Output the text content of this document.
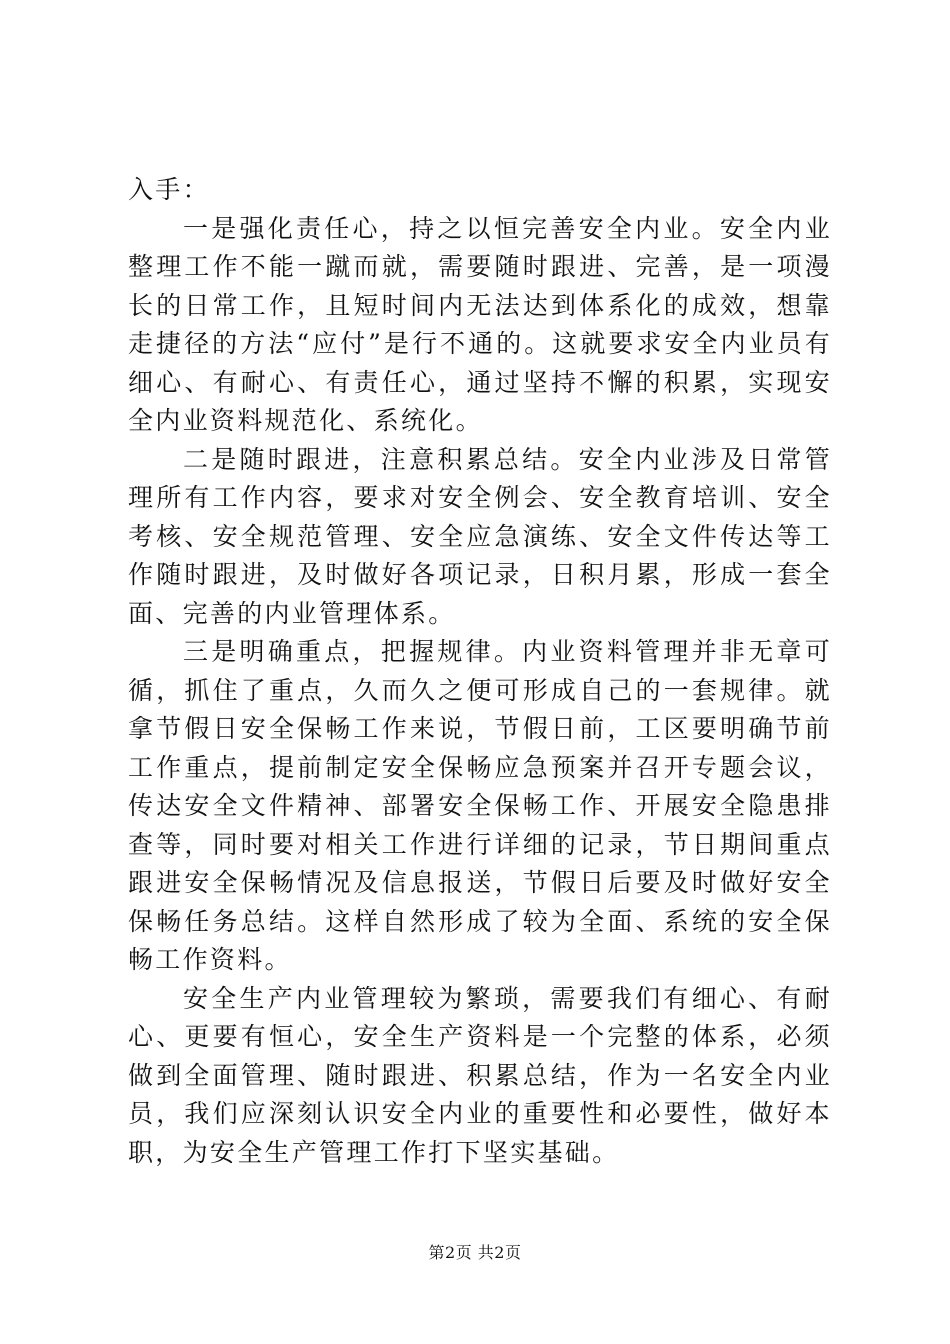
入手：

一是强化责任心，持之以恒完善安全内业。安全内业整理工作不能一蹴而就，需要随时跟进、完善，是一项漫长的日常工作，且短时间内无法达到体系化的成效，想靠走捷径的方法“应付”是行不通的。这就要求安全内业员有细心、有耐心、有责任心，通过坚持不懈的积累，实现安全内业资料规范化、系统化。

二是随时跟进，注意积累总结。安全内业涉及日常管理所有工作内容，要求对安全例会、安全教育培训、安全考核、安全规范管理、安全应急演练、安全文件传达等工作随时跟进，及时做好各项记录，日积月累，形成一套全面、完善的内业管理体系。

三是明确重点，把握规律。内业资料管理并非无章可循，抓住了重点，久而久之便可形成自己的一套规律。就拿节假日安全保畅工作来说，节假日前，工区要明确节前工作重点，提前制定安全保畅应急预案并召开专题会议，传达安全文件精神、部署安全保畅工作、开展安全隐患排查等，同时要对相关工作进行详细的记录，节日期间重点跟进安全保畅情况及信息报送，节假日后要及时做好安全保畅任务总结。这样自然形成了较为全面、系统的安全保畅工作资料。

安全生产内业管理较为繁琐，需要我们有细心、有耐心、更要有恒心，安全生产资料是一个完整的体系，必须做到全面管理、随时跟进、积累总结，作为一名安全内业员，我们应深刻认识安全内业的重要性和必要性，做好本职，为安全生产管理工作打下坚实基础。

第2页 共2页
